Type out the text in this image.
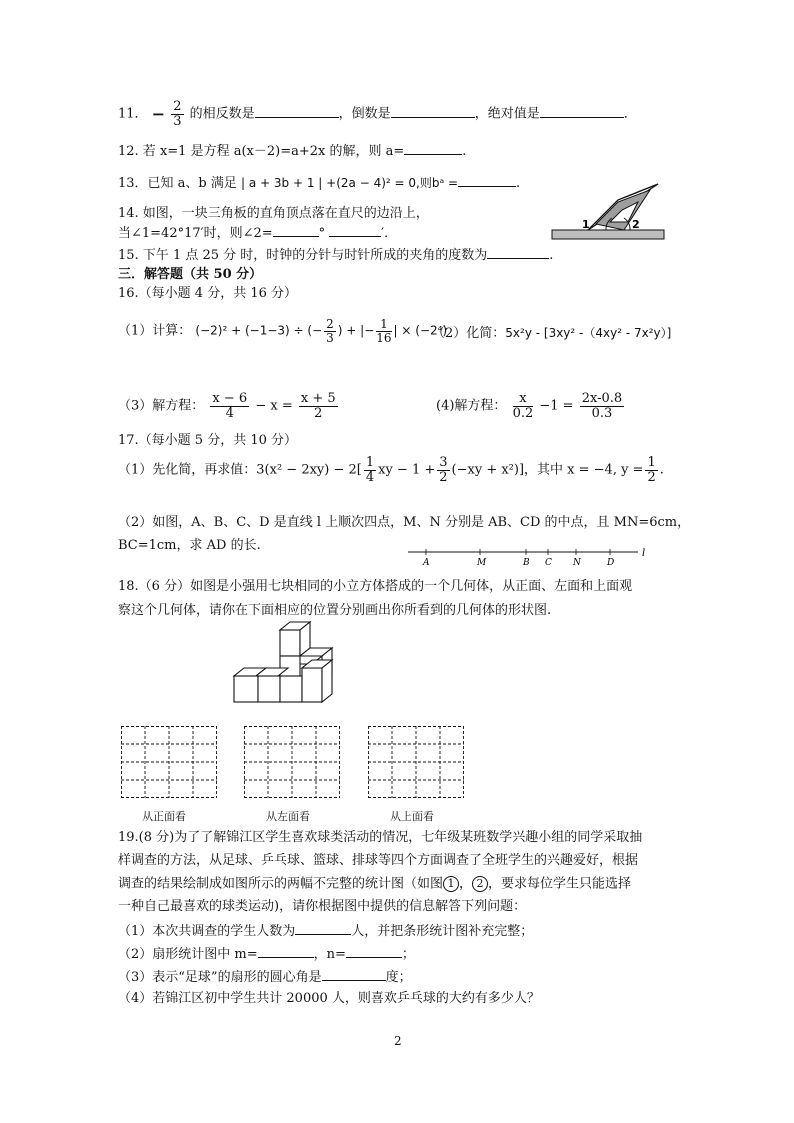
11． − $\frac{2}{3}$ 的相反数是	，倒数是	，绝对值是	．
12. 若 x=1 是方程 a(x－2)=a+2x 的解，则 a=	.
13．已知 a、b 满足 | a + 3b + 1 | +(2a − 4)² = 0,则bᵃ =	.
14. 如图，一块三角板的直角顶点落在直尺的边沿上，
当∠1=42°17′时，则∠2=	°	′．
1	2
15. 下午 1 点 25 分 时，时钟的分针与时针所成的夹角的度数为	.
三．解答题（共 50 分）
16.（每小题 4 分，共 16 分）
（1）计算： (−2)² + (−1−3) ÷ (− $\frac{2}{3}$ ) + |− $\frac{1}{16}$ | × (−2⁴)
（2）化简：5x²y - [3xy² -（4xy² - 7x²y）]
（3）解方程： $\frac{x - 6}{4} - x = \frac{x + 5}{2}$	(4)解方程： $\frac{x}{0.2} -1 = \frac{2x-0.8}{0.3}$
17.（每小题 5 分，共 10 分）
（1）先化简，再求值：$3(x^2 - 2xy) - 2[ \frac{1}{4}$ xy − $1 + \frac{3}{2} (-xy + x^2)$]，其中 x = −4, $y = \frac{1}{2}$ .
（2）如图，A、B、C、D 是直线 l 上顺次四点，M、N 分别是 AB、CD 的中点，且 MN=6cm，
BC=1cm，求 AD 的长.
A	M	B C N	D
l
18.（6 分）如图是小强用七块相同的小立方体搭成的一个几何体，从正面、左面和上面观
察这个几何体，请你在下面相应的位置分别画出你所看到的几何体的形状图.
从正面看	从左面看	从上面看
19.(8 分)为了了解锦江区学生喜欢球类活动的情况，七年级某班数学兴趣小组的同学采取抽
样调查的方法，从足球、乒乓球、篮球、排球等四个方面调查了全班学生的兴趣爱好，根据
调查的结果绘制成如图所示的两幅不完整的统计图（如图 1 ， 2 ，要求每位学生只能选择
一种自己最喜欢的球类运动)，请你根据图中提供的信息解答下列问题：
（1）本次共调查的学生人数为	人，并把条形统计图补充完整；
（2）扇形统计图中 m=	，n=	；
（3）表示“足球”的扇形的圆心角是	度；
（4）若锦江区初中学生共计 20000 人，则喜欢乒乓球的大约有多少人？
2
